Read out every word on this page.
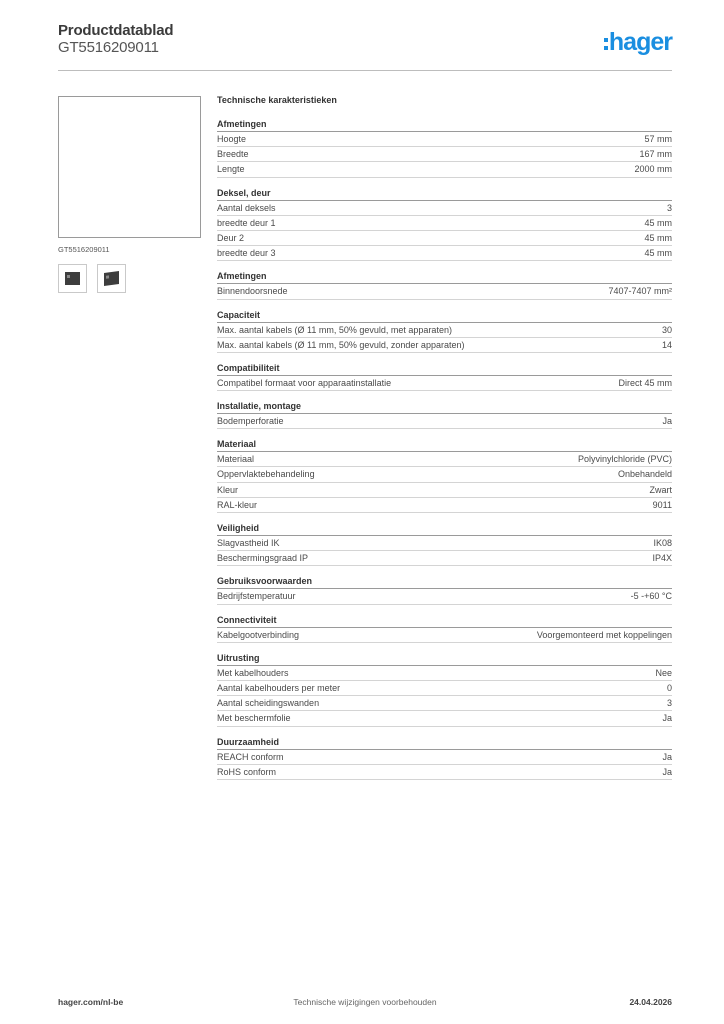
Productdatablad
GT5516209011	hager
GT5516209011
Technische karakteristieken
Afmetingen
Hoogte	57 mm
Breedte	167 mm
Lengte	2000 mm
Deksel, deur
Aantal deksels	3
breedte deur 1	45 mm
Deur 2	45 mm
breedte deur 3	45 mm
Afmetingen
Binnendoorsnede	7407-7407 mm²
Capaciteit
Max. aantal kabels (Ø 11 mm, 50% gevuld, met apparaten)	30
Max. aantal kabels (Ø 11 mm, 50% gevuld, zonder apparaten)	14
Compatibiliteit
Compatibel formaat voor apparaatinstallatie	Direct 45 mm
Installatie, montage
Bodemperforatie	Ja
Materiaal
Materiaal	Polyvinylchloride (PVC)
Oppervlaktebehandeling	Onbehandeld
Kleur	Zwart
RAL-kleur	9011
Veiligheid
Slagvastheid IK	IK08
Beschermingsgraad IP	IP4X
Gebruiksvoorwaarden
Bedrijfstemperatuur	-5 -+60 °C
Connectiviteit
Kabelgootverbinding	Voorgemonteerd met koppelingen
Uitrusting
Met kabelhouders	Nee
Aantal kabelhouders per meter	0
Aantal scheidingswanden	3
Met beschermfolie	Ja
Duurzaamheid
REACH conform	Ja
RoHS conform	Ja
hager.com/nl-be	Technische wijzigingen voorbehouden	24.04.2026
